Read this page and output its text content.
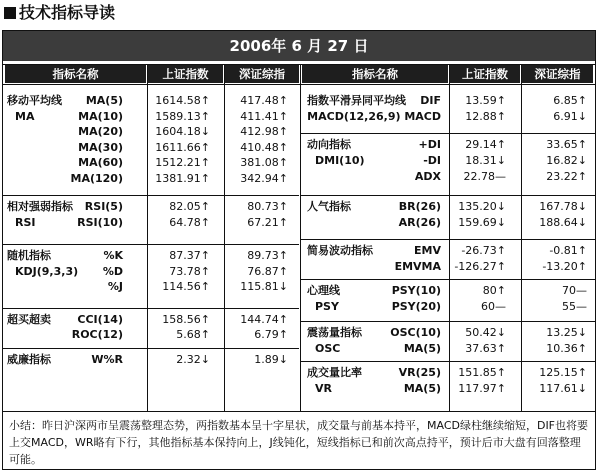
技术指标导读
2006年 6 月 27 日
指标名称	上证指数	深证综指	指标名称	上证指数	深证综指
移动平均线
MA
MA(5)	1614.58↑	417.48↑
MA(10)	1589.13↑	411.41↑
MA(20)	1604.18↓	412.98↑
MA(30)	1611.66↑	410.48↑
MA(60)	1512.21↑	381.08↑
MA(120)	1381.91↑	342.94↑
相对强弱指标
RSI
RSI(5)	82.05↑	80.73↑
RSI(10)	64.78↑	67.21↑
随机指标
KDJ(9,3,3)
%K	87.37↑	89.73↑
%D	73.78↑	76.87↑
%J	114.56↑	115.81↓
超买超卖 CCI(14)	158.56↑	144.74↑
ROC(12)	5.68↑	6.79↑
威廉指标	W%R	2.32↓	1.89↓
指数平滑异同平均线 DIF 13.59↑	6.85↑
MACD(12,26,9) MACD 12.88↑	6.91↓
动向指标
DMI(10)
+DI 29.14↑	33.65↑
-DI 18.31↓	16.82↓
ADX 22.78—	23.22↑
人气指标	BR(26) 135.20↓	167.78↓
AR(26) 159.69↓	188.64↓
简易波动指标	EMV -26.73↑	-0.81↑
EMVMA -126.27↑	-13.20↑
心理线
PSY
PSY(10)	80↑	70—
PSY(20)	60—	55—
震荡量指标
OSC
OSC(10) 50.42↓	13.25↓
MA(5) 37.63↑	10.36↑
成交量比率
VR
VR(25) 151.85↑	125.15↑
MA(5) 117.97↑	117.61↓
小结：昨日沪深两市呈震荡整理态势，两指数基本呈十字星状，成交量与前基本持平，MACD绿柱继续缩短，DIF也将要上交MACD，WR略有下行，其他指标基本保持向上，J线钝化，短线指标已和前次高点持平，预计后市大盘有回落整理可能。
